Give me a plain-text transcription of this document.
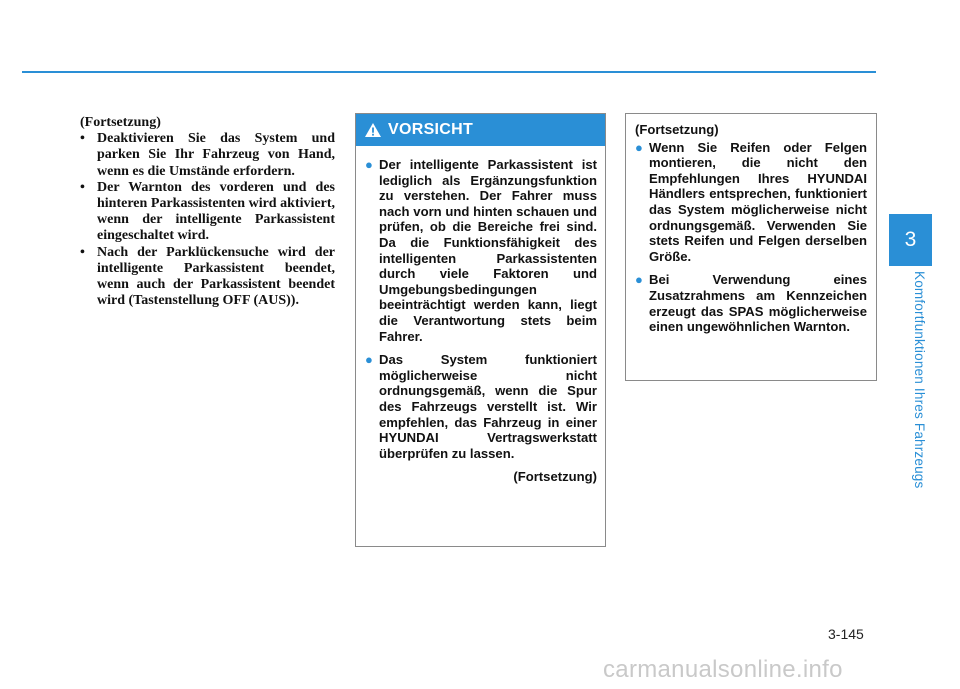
(Fortsetzung)
• Deaktivieren Sie das System und parken Sie Ihr Fahrzeug von Hand, wenn es die Umstände erfordern.
• Der Warnton des vorderen und des hinteren Parkassistenten wird aktiviert, wenn der intelligente Parkassistent eingeschaltet wird.
• Nach der Parklückensuche wird der intelligente Parkassistent beendet, wenn auch der Parkassistent beendet wird (Tastenstellung OFF (AUS)).
VORSICHT
● Der intelligente Parkassistent ist lediglich als Ergänzungsfunktion zu verstehen. Der Fahrer muss nach vorn und hinten schauen und prüfen, ob die Bereiche frei sind. Da die Funktionsfähigkeit des intelligenten Parkassistenten durch viele Faktoren und Umgebungsbedingungen beeinträchtigt werden kann, liegt die Verantwortung stets beim Fahrer.
● Das System funktioniert möglicherweise nicht ordnungsgemäß, wenn die Spur des Fahrzeugs verstellt ist. Wir empfehlen, das Fahrzeug in einer HYUNDAI Vertragswerkstatt überprüfen zu lassen.
(Fortsetzung)
(Fortsetzung)
● Wenn Sie Reifen oder Felgen montieren, die nicht den Empfehlungen Ihres HYUNDAI Händlers entsprechen, funktioniert das System möglicherweise nicht ordnungsgemäß. Verwenden Sie stets Reifen und Felgen derselben Größe.
● Bei Verwendung eines Zusatzrahmens am Kennzeichen erzeugt das SPAS möglicherweise einen ungewöhnlichen Warnton.
3
Komfortfunktionen Ihres Fahrzeugs
3-145
carmanualsonline.info
